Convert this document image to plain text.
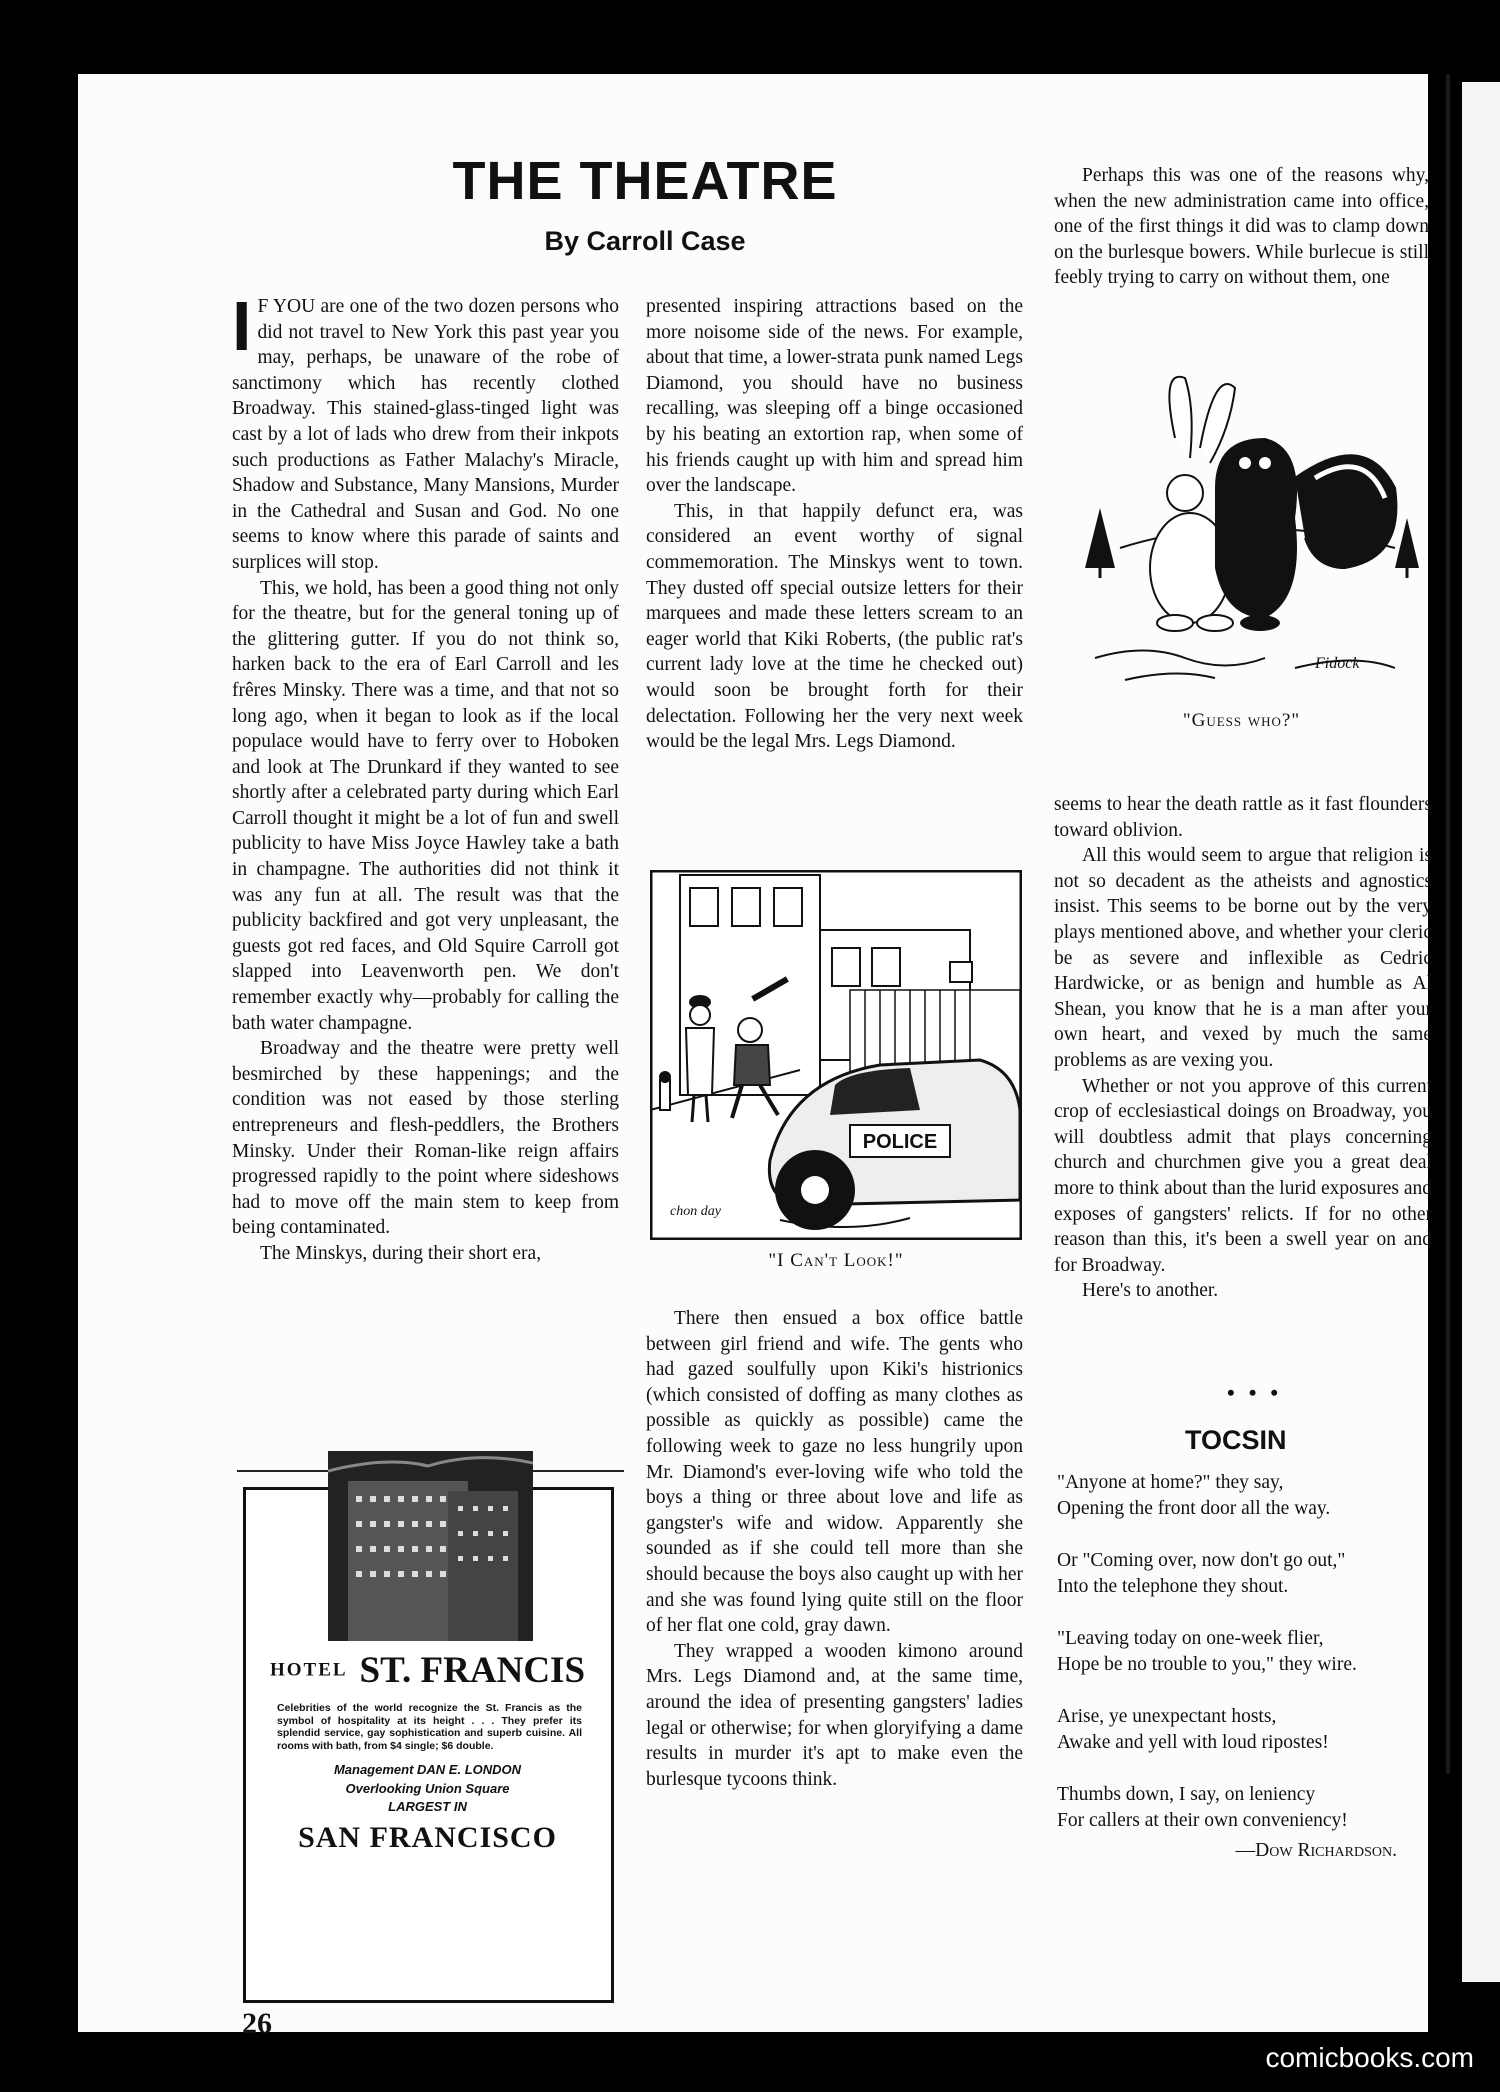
THE THEATRE
By Carroll Case

I F YOU are one of the two dozen persons who did not travel to New York this past year you may, perhaps, be unaware of the robe of sanctimony which has recently clothed Broadway. This stained-glass-tinged light was cast by a lot of lads who drew from their inkpots such productions as Father Malachy's Miracle, Shadow and Substance, Many Mansions, Murder in the Cathedral and Susan and God. No one seems to know where this parade of saints and surplices will stop.

This, we hold, has been a good thing not only for the theatre, but for the general toning up of the glittering gutter. If you do not think so, harken back to the era of Earl Carroll and les frêres Minsky. There was a time, and that not so long ago, when it began to look as if the local populace would have to ferry over to Hoboken and look at The Drunkard if they wanted to see shortly after a celebrated party during which Earl Carroll thought it might be a lot of fun and swell publicity to have Miss Joyce Hawley take a bath in champagne. The authorities did not think it was any fun at all. The result was that the publicity backfired and got very unpleasant, the guests got red faces, and Old Squire Carroll got slapped into Leavenworth pen. We don't remember exactly why—probably for calling the bath water champagne.

Broadway and the theatre were pretty well besmirched by these happenings; and the condition was not eased by those sterling entrepreneurs and flesh-peddlers, the Brothers Minsky. Under their Roman-like reign affairs progressed rapidly to the point where sideshows had to move off the main stem to keep from being contaminated.

The Minskys, during their short era,

presented inspiring attractions based on the more noisome side of the news. For example, about that time, a lower-strata punk named Legs Diamond, you should have no business recalling, was sleeping off a binge occasioned by his beating an extortion rap, when some of his friends caught up with him and spread him over the landscape.

This, in that happily defunct era, was considered an event worthy of signal commemoration. The Minskys went to town. They dusted off special outsize letters for their marquees and made these letters scream to an eager world that Kiki Roberts, (the public rat's current lady love at the time he checked out) would soon be brought forth for their delectation. Following her the very next week would be the legal Mrs. Legs Diamond.

POLICE
chon day
"I Can't Look!"

There then ensued a box office battle between girl friend and wife. The gents who had gazed soulfully upon Kiki's histrionics (which consisted of doffing as many clothes as possible as quickly as possible) came the following week to gaze no less hungrily upon Mr. Diamond's ever-loving wife who told the boys a thing or three about love and life as gangster's wife and widow. Apparently she sounded as if she could tell more than she should because the boys also caught up with her and she was found lying quite still on the floor of her flat one cold, gray dawn.

They wrapped a wooden kimono around Mrs. Legs Diamond and, at the same time, around the idea of presenting gangsters' ladies legal or otherwise; for when gloryifying a dame results in murder it's apt to make even the burlesque tycoons think.

Perhaps this was one of the reasons why, when the new administration came into office, one of the first things it did was to clamp down on the burlesque bowers. While burlecue is still feebly trying to carry on without them, one

Fidock
"Guess who?"

seems to hear the death rattle as it fast flounders toward oblivion.

All this would seem to argue that religion is not so decadent as the atheists and agnostics insist. This seems to be borne out by the very plays mentioned above, and whether your cleric be as severe and inflexible as Cedric Hardwicke, or as benign and humble as Al Shean, you know that he is a man after your own heart, and vexed by much the same problems as are vexing you.

Whether or not you approve of this current crop of ecclesiastical doings on Broadway, you will doubtless admit that plays concerning church and churchmen give you a great deal more to think about than the lurid exposures and exposes of gangsters' relicts. If for no other reason than this, it's been a swell year on and for Broadway.

Here's to another.

•••
TOCSIN
"Anyone at home?" they say,
Opening the front door all the way.
Or "Coming over, now don't go out,"
Into the telephone they shout.
"Leaving today on one-week flier,
Hope be no trouble to you," they wire.
Arise, ye unexpectant hosts,
Awake and yell with loud ripostes!
Thumbs down, I say, on leniency
For callers at their own conveniency!
—Dow Richardson.
HOTEL ST. FRANCIS
Celebrities of the world recognize the St. Francis as the symbol of hospitality at its height . . . They prefer its splendid service, gay sophistication and superb cuisine. All rooms with bath, from $4 single; $6 double.
Management DAN E. LONDON
Overlooking Union Square
LARGEST IN
SAN FRANCISCO
26
comicbooks.com
